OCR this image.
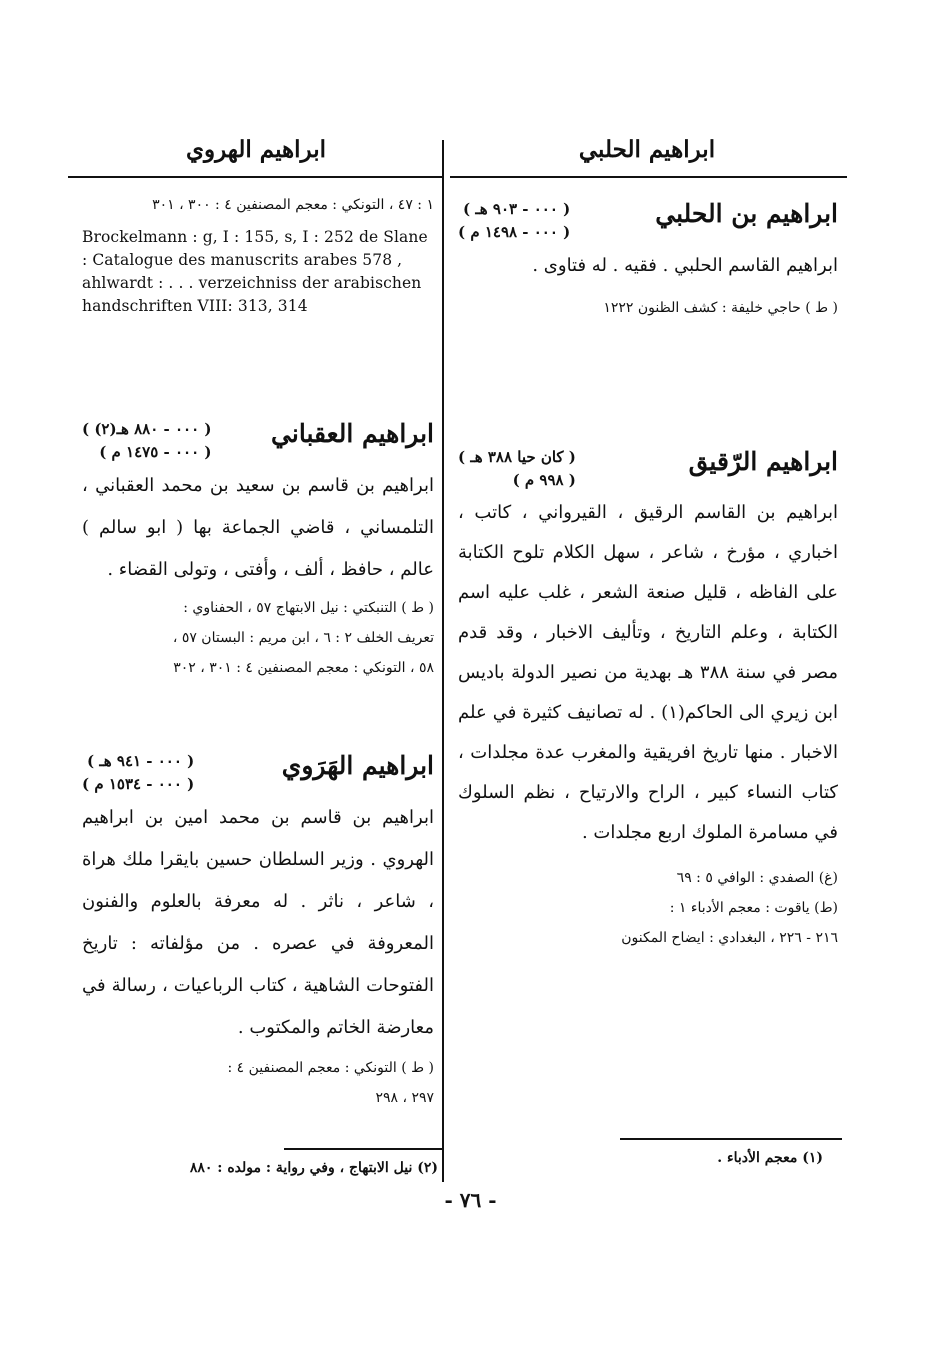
ابراهيم الحلبي
ابراهيم الهروي
ابراهيم بن الحلبي
( ٠٠٠ - ٩٠٣ هـ )
( ٠٠٠ - ١٤٩٨ م )
ابراهيم القاسم الحلبي . فقيه . له فتاوى .
( ط ) حاجي خليفة : كشف الظنون ١٢٢٢
ابراهيم الرّقيق
( كان حيا ٣٨٨ هـ )
( ٩٩٨ م )
ابراهيم بن القاسم الرقيق ، القيرواني ، كاتب ، اخباري ، مؤرخ ، شاعر ، سهل الكلام تلوح الكتابة على الفاظه ، قليل صنعة الشعر ، غلب عليه اسم الكتابة ، وعلم التاريخ ، وتأليف الاخبار ، وقد قدم مصر في سنة ٣٨٨ هـ بهدية من نصير الدولة باديس ابن زيري الى الحاكم(١) . له تصانيف كثيرة في علم الاخبار . منها تاريخ افريقية والمغرب عدة مجلدات ، كتاب النساء كبير ، الراح والارتياح ، نظم السلوك في مسامرة الملوك اربع مجلدات .
(غ) الصفدي : الوافي ٥ : ٦٩
(ط) ياقوت : معجم الأدباء ١ :
٢١٦ - ٢٢٦ ، البغدادي : ايضاح المكنون
١ : ٤٧ ، التونكي : معجم المصنفين ٤ : ٣٠٠ ، ٣٠١
Brockelmann : g, I : 155, s, I : 252 de Slane : Catalogue des manuscrits arabes 578 , ahlwardt : . . . verzeichniss der arabischen handschriften VIII: 313, 314
ابراهيم العقباني
( ٠٠٠ - ٨٨٠ هـ(٢) )
( ٠٠٠ - ١٤٧٥ م )
ابراهيم بن قاسم بن سعيد بن محمد العقباني ، التلمساني ، قاضي الجماعة بها ( ابو سالم ) عالم ، حافظ ، ألف ، وأفتى ، وتولى القضاء .
( ط ) التنبكتي : نيل الابتهاج ٥٧ ، الحفناوي :
تعريف الخلف ٢ : ٦ ، ابن مريم : البستان ٥٧ ،
٥٨ ، التونكي : معجم المصنفين ٤ : ٣٠١ ، ٣٠٢
ابراهيم الهَرَوي
( ٠٠٠ - ٩٤١ هـ )
( ٠٠٠ - ١٥٣٤ م )
ابراهيم بن قاسم بن محمد امين بن ابراهيم الهروي . وزير السلطان حسين بايقرا ملك هراة ، شاعر ، ناثر . له معرفة بالعلوم والفنون المعروفة في عصره . من مؤلفاته : تاريخ الفتوحات الشاهية ، كتاب الرباعيات ، رسالة في معارضة الخاتم والمكتوب .
( ط ) التونكي : معجم المصنفين ٤ :
٢٩٧ ، ٢٩٨
(١) معجم الأدباء .
(٢) نيل الابتهاج ، وفي رواية : مولده : ٨٨٠
- ٧٦ -
